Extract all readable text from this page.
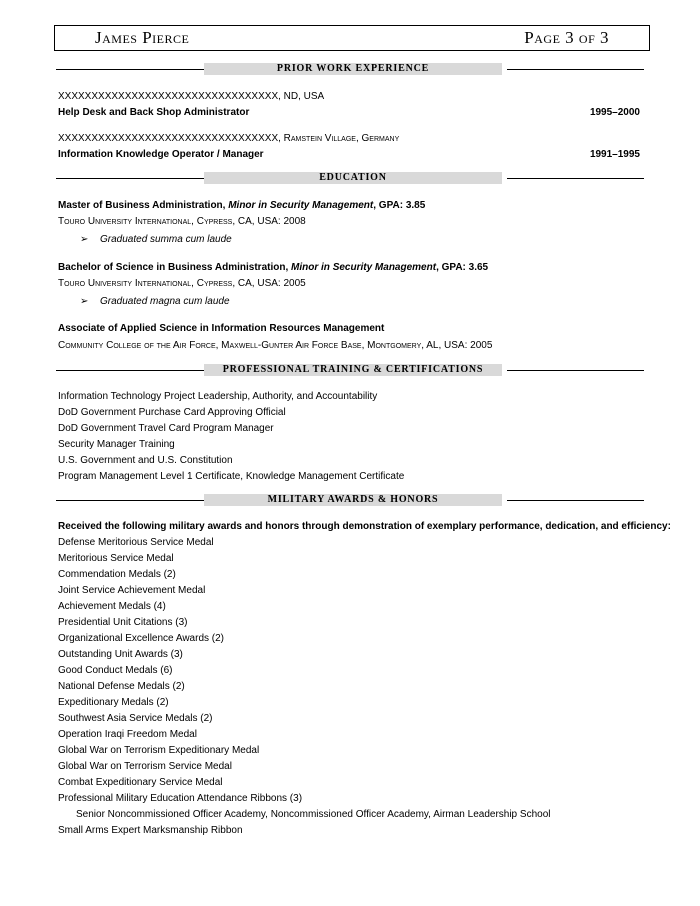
James Pierce	Page 3 of 3
PRIOR WORK EXPERIENCE
XXXXXXXXXXXXXXXXXXXXXXXXXXXXXXXXX, ND, USA
Help Desk and Back Shop Administrator	1995–2000
XXXXXXXXXXXXXXXXXXXXXXXXXXXXXXXXX, Ramstein Village, Germany
Information Knowledge Operator / Manager	1991–1995
EDUCATION
Master of Business Administration, Minor in Security Management, GPA: 3.85
Touro University International, Cypress, CA, USA: 2008
➢ Graduated summa cum laude
Bachelor of Science in Business Administration, Minor in Security Management, GPA: 3.65
Touro University International, Cypress, CA, USA: 2005
➢ Graduated magna cum laude
Associate of Applied Science in Information Resources Management
Community College of the Air Force, Maxwell-Gunter Air Force Base, Montgomery, AL, USA: 2005
PROFESSIONAL TRAINING & CERTIFICATIONS
Information Technology Project Leadership, Authority, and Accountability
DoD Government Purchase Card Approving Official
DoD Government Travel Card Program Manager
Security Manager Training
U.S. Government and U.S. Constitution
Program Management Level 1 Certificate, Knowledge Management Certificate
MILITARY AWARDS & HONORS
Received the following military awards and honors through demonstration of exemplary performance, dedication, and efficiency:
Defense Meritorious Service Medal
Meritorious Service Medal
Commendation Medals (2)
Joint Service Achievement Medal
Achievement Medals (4)
Presidential Unit Citations (3)
Organizational Excellence Awards (2)
Outstanding Unit Awards (3)
Good Conduct Medals (6)
National Defense Medals (2)
Expeditionary Medals (2)
Southwest Asia Service Medals (2)
Operation Iraqi Freedom Medal
Global War on Terrorism Expeditionary Medal
Global War on Terrorism Service Medal
Combat Expeditionary Service Medal
Professional Military Education Attendance Ribbons (3)
Senior Noncommissioned Officer Academy, Noncommissioned Officer Academy, Airman Leadership School
Small Arms Expert Marksmanship Ribbon
